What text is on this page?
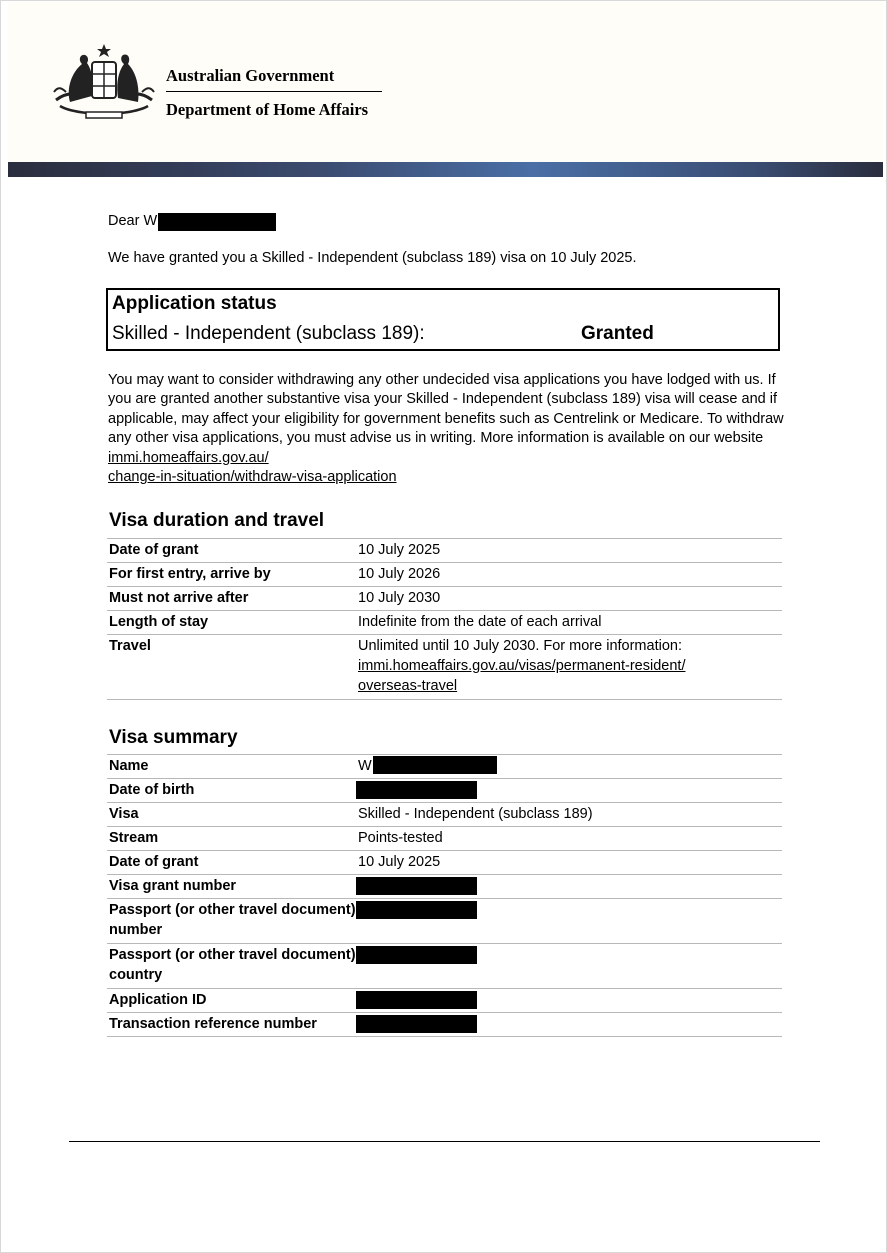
Australian Government
Department of Home Affairs
Dear W
We have granted you a Skilled - Independent (subclass 189) visa on 10 July 2025.
Application status
Skilled - Independent (subclass 189):	Granted

You may want to consider withdrawing any other undecided visa applications you have lodged with us. If you are granted another substantive visa your Skilled - Independent (subclass 189) visa will cease and if applicable, may affect your eligibility for government benefits such as Centrelink or Medicare. To withdraw any other visa applications, you must advise us in writing. More information is available on our website immi.homeaffairs.gov.au/
change-in-situation/withdraw-visa-application

Visa duration and travel
Date of grant	10 July 2025
For first entry, arrive by	10 July 2026
Must not arrive after	10 July 2030
Length of stay	Indefinite from the date of each arrival
Travel	Unlimited until 10 July 2030. For more information:
immi.homeaffairs.gov.au/visas/permanent-resident/
overseas-travel
Visa summary
Name	W
Date of birth
Visa	Skilled - Independent (subclass 189)
Stream	Points-tested
Date of grant	10 July 2025
Visa grant number
Passport (or other travel document) number
Passport (or other travel document) country
Application ID
Transaction reference number
